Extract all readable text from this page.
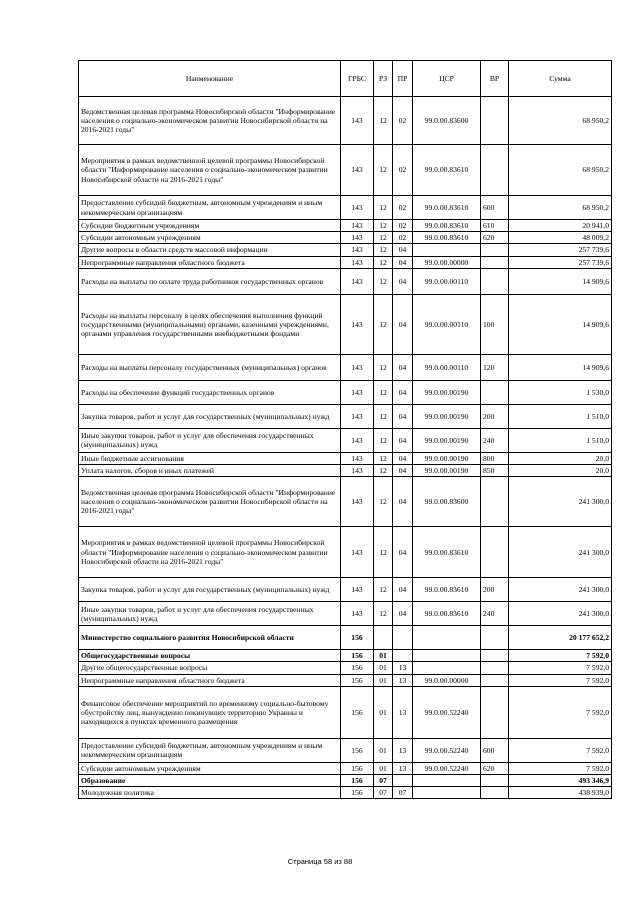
Наименование	ГРБС	РЗ	ПР	ЦСР	ВР	Сумма
Ведомственная целевая программа Новосибирской области "Информирование населения о социально-экономическом развитии Новосибирской области на 2016-2021 годы"	143	12	02	99.0.00.83600		68 950,2
Мероприятия в рамках ведомственной целевой программы Новосибирской области "Информирование населения о социально-экономическом развитии Новосибирской области на 2016-2021 годы"	143	12	02	99.0.00.83610		68 950,2
Предоставление субсидий бюджетным, автономным учреждениям и иным некоммерческим организациям	143	12	02	99.0.00.83610	600	68 950,2
Субсидии бюджетным учреждениям	143	12	02	99.0.00.83610	610	20 941,0
Субсидии автономным учреждениям	143	12	02	99.0.00.83610	620	48 009,2
Другие вопросы в области средств массовой информации	143	12	04			257 739,6
Непрограммные направления областного бюджета	143	12	04	99.0.00.00000		257 739,6
Расходы на выплаты по оплате труда работников государственных органов	143	12	04	99.0.00.00110		14 909,6
Расходы на выплаты персоналу в целях обеспечения выполнения функций государственными (муниципальными) органами, казенными учреждениями, органами управления государственными внебюджетными фондами	143	12	04	99.0.00.00110	100	14 909,6
Расходы на выплаты персоналу государственных (муниципальных) органов	143	12	04	99.0.00.00110	120	14 909,6
Расходы на обеспечение функций государственных органов	143	12	04	99.0.00.00190		1 530,0
Закупка товаров, работ и услуг для государственных (муниципальных) нужд	143	12	04	99.0.00.00190	200	1 510,0
Иные закупки товаров, работ и услуг для обеспечения государственных (муниципальных) нужд	143	12	04	99.0.00.00190	240	1 510,0
Иные бюджетные ассигнования	143	12	04	99.0.00.00190	800	20,0
Уплата налогов, сборов и иных платежей	143	12	04	99.0.00.00190	850	20,0
Ведомственная целевая программа Новосибирской области "Информирование населения о социально-экономическом развитии Новосибирской области на 2016-2021 годы"	143	12	04	99.0.00.83600		241 300,0
Мероприятия в рамках ведомственной целевой программы Новосибирской области "Информирование населения о социально-экономическом развитии Новосибирской области на 2016-2021 годы"	143	12	04	99.0.00.83610		241 300,0
Закупка товаров, работ и услуг для государственных (муниципальных) нужд	143	12	04	99.0.00.83610	200	241 300,0
Иные закупки товаров, работ и услуг для обеспечения государственных (муниципальных) нужд	143	12	04	99.0.00.83610	240	241 300,0
Министерство социального развития Новосибирской области	156					20 177 652,2
Общегосударственные вопросы	156	01				7 592,0
Другие общегосударственные вопросы	156	01	13			7 592,0
Непрограммные направления областного бюджета	156	01	13	99.0.00.00000		7 592,0
Финансовое обеспечение мероприятий по временному социально-бытовому обустройству лиц, вынужденно покинувших территорию Украины и находящихся в пунктах временного размещения	156	01	13	99.0.00.52240		7 592,0
Предоставление субсидий бюджетным, автономным учреждениям и иным некоммерческим организациям	156	01	13	99.0.00.52240	600	7 592,0
Субсидии автономным учреждениям	156	01	13	99.0.00.52240	620	7 592,0
Образование	156	07				493 346,9
Молодежная политика	156	07	07			438 939,0
Страница 58 из 88
